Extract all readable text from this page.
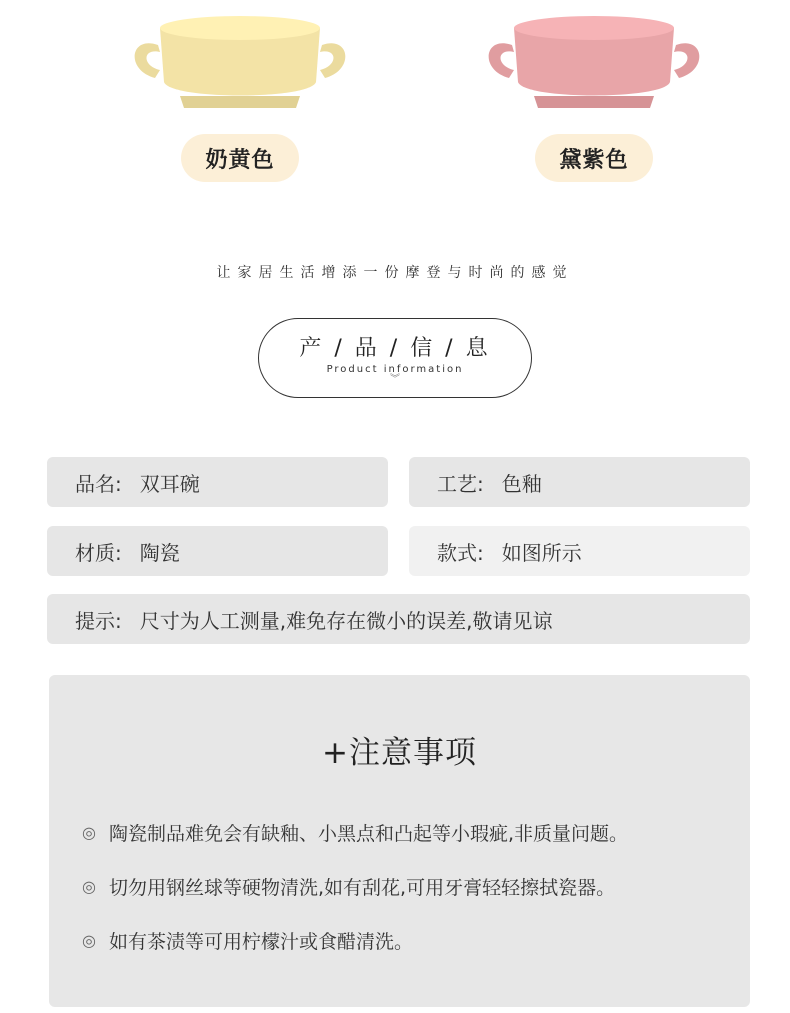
奶黄色	黛紫色
让家居生活增添一份摩登与时尚的感觉
产 / 品 / 信 / 息
Product information
︾
品名: 双耳碗	工艺: 色釉
材质: 陶瓷	款式: 如图所示
提示: 尺寸为人工测量,难免存在微小的误差,敬请见谅
+注意事项
◎ 陶瓷制品难免会有缺釉、小黑点和凸起等小瑕疵,非质量问题。
◎ 切勿用钢丝球等硬物清洗,如有刮花,可用牙膏轻轻擦拭瓷器。
◎ 如有茶渍等可用柠檬汁或食醋清洗。
